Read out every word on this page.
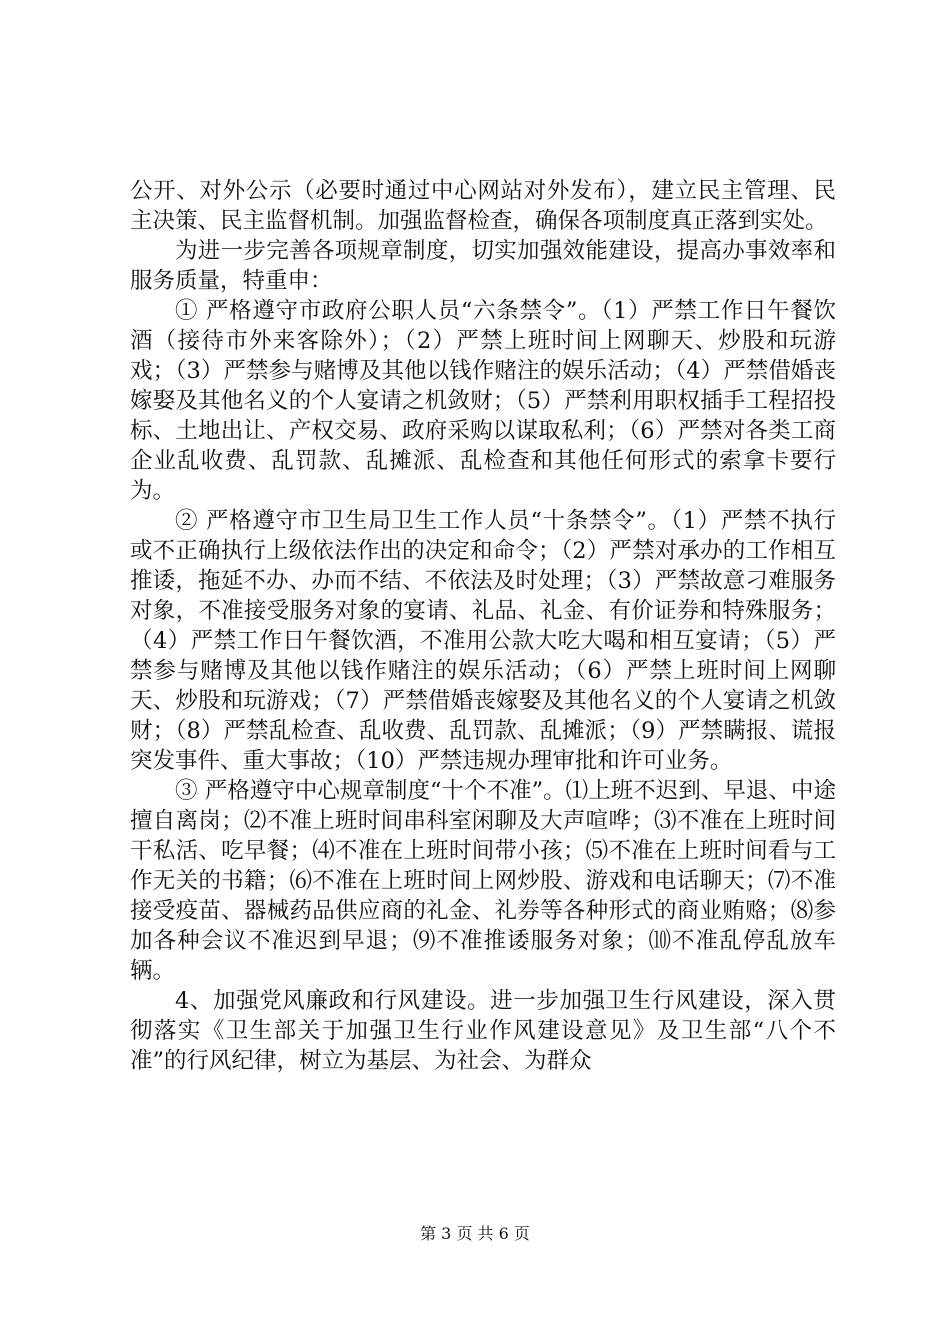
公开、对外公示（必要时通过中心网站对外发布），建立民主管理、民主决策、民主监督机制。加强监督检查，确保各项制度真正落到实处。

为进一步完善各项规章制度，切实加强效能建设，提高办事效率和服务质量，特重申：

① 严格遵守市政府公职人员“六条禁令”。（1）严禁工作日午餐饮酒（接待市外来客除外）；（2）严禁上班时间上网聊天、炒股和玩游戏；（3）严禁参与赌博及其他以钱作赌注的娱乐活动；（4）严禁借婚丧嫁娶及其他名义的个人宴请之机敛财；（5）严禁利用职权插手工程招投标、土地出让、产权交易、政府采购以谋取私利；（6）严禁对各类工商企业乱收费、乱罚款、乱摊派、乱检查和其他任何形式的索拿卡要行为。

② 严格遵守市卫生局卫生工作人员“十条禁令”。（1）严禁不执行或不正确执行上级依法作出的决定和命令；（2）严禁对承办的工作相互推诿，拖延不办、办而不结、不依法及时处理；（3）严禁故意刁难服务对象，不准接受服务对象的宴请、礼品、礼金、有价证券和特殊服务；（4）严禁工作日午餐饮酒，不准用公款大吃大喝和相互宴请；（5）严禁参与赌博及其他以钱作赌注的娱乐活动；（6）严禁上班时间上网聊天、炒股和玩游戏；（7）严禁借婚丧嫁娶及其他名义的个人宴请之机敛财；（8）严禁乱检查、乱收费、乱罚款、乱摊派；（9）严禁瞒报、谎报突发事件、重大事故；（10）严禁违规办理审批和许可业务。

③ 严格遵守中心规章制度“十个不准”。⑴上班不迟到、早退、中途擅自离岗；⑵不准上班时间串科室闲聊及大声喧哗；⑶不准在上班时间干私活、吃早餐；⑷不准在上班时间带小孩；⑸不准在上班时间看与工作无关的书籍；⑹不准在上班时间上网炒股、游戏和电话聊天；⑺不准接受疫苗、器械药品供应商的礼金、礼券等各种形式的商业贿赂；⑻参加各种会议不准迟到早退；⑼不准推诿服务对象；⑽不准乱停乱放车辆。

4、加强党风廉政和行风建设。进一步加强卫生行风建设，深入贯彻落实《卫生部关于加强卫生行业作风建设意见》及卫生部“八个不准”的行风纪律，树立为基层、为社会、为群众

第 3 页 共 6 页
